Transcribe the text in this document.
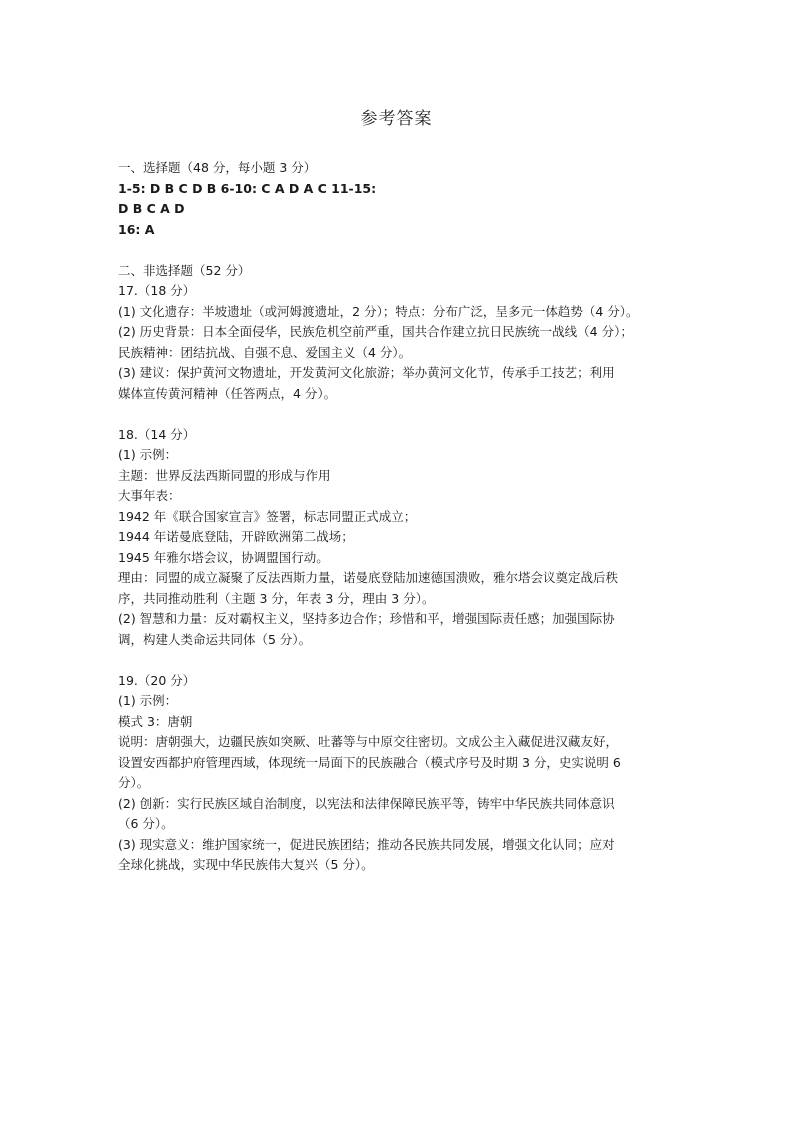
参考答案
一、选择题（48 分，每小题 3 分）
1-5: D B C D B 6-10: C A D A C 11-15:
D B C A D
16: A
二、非选择题（52 分）
17.（18 分）
(1) 文化遗存：半坡遗址（或河姆渡遗址，2 分）；特点：分布广泛，呈多元一体趋势（4 分）。
(2) 历史背景：日本全面侵华，民族危机空前严重，国共合作建立抗日民族统一战线（4 分）；
民族精神：团结抗战、自强不息、爱国主义（4 分）。
(3) 建议：保护黄河文物遗址，开发黄河文化旅游；举办黄河文化节，传承手工技艺；利用
媒体宣传黄河精神（任答两点，4 分）。
18.（14 分）
(1) 示例：
主题：世界反法西斯同盟的形成与作用
大事年表：
1942 年《联合国家宣言》签署，标志同盟正式成立；
1944 年诺曼底登陆，开辟欧洲第二战场；
1945 年雅尔塔会议，协调盟国行动。
理由：同盟的成立凝聚了反法西斯力量，诺曼底登陆加速德国溃败，雅尔塔会议奠定战后秩
序，共同推动胜利（主题 3 分，年表 3 分，理由 3 分）。
(2) 智慧和力量：反对霸权主义，坚持多边合作；珍惜和平，增强国际责任感；加强国际协
调，构建人类命运共同体（5 分）。
19.（20 分）
(1) 示例：
模式 3：唐朝
说明：唐朝强大，边疆民族如突厥、吐蕃等与中原交往密切。文成公主入藏促进汉藏友好，
设置安西都护府管理西域，体现统一局面下的民族融合（模式序号及时期 3 分，史实说明 6
分）。
(2) 创新：实行民族区域自治制度，以宪法和法律保障民族平等，铸牢中华民族共同体意识
（6 分）。
(3) 现实意义：维护国家统一，促进民族团结；推动各民族共同发展，增强文化认同；应对
全球化挑战，实现中华民族伟大复兴（5 分）。
